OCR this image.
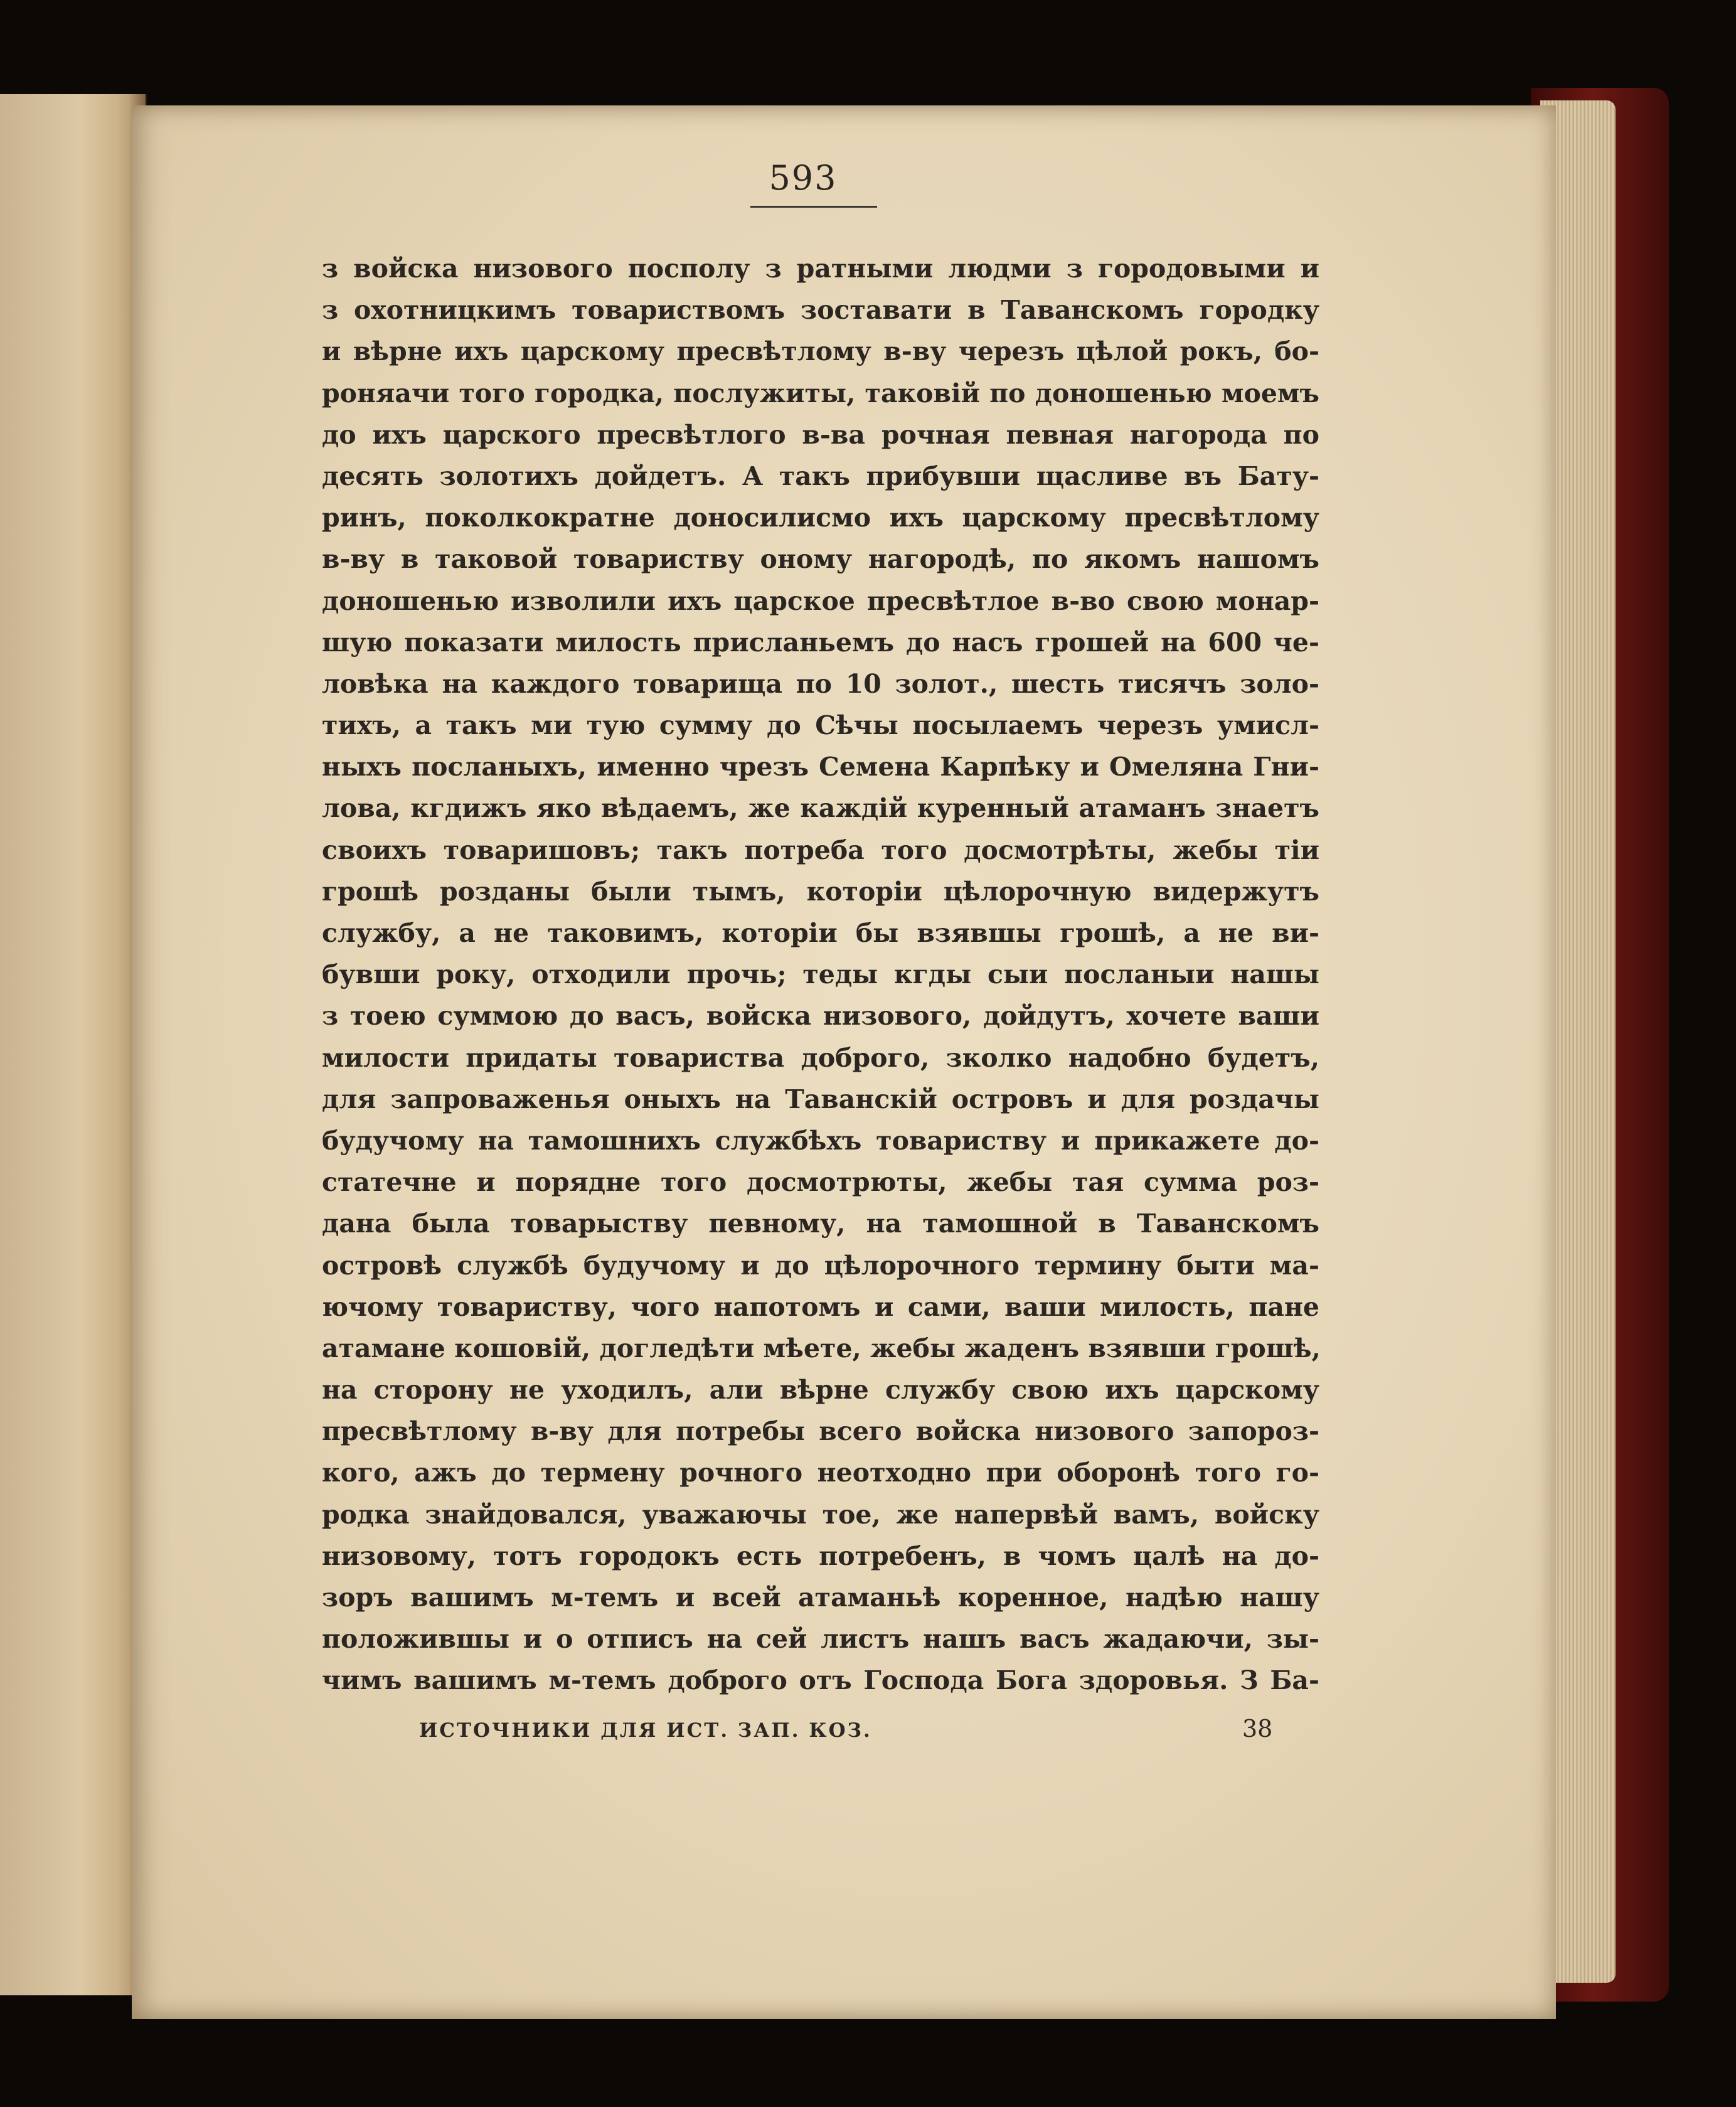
593
з войска низового посполу з ратными людми з городовыми и
з охотницкимъ товариствомъ зоставати в Таванскомъ городку
и вѣрне ихъ царскому пресвѣтлому в-ву черезъ цѣлой рокъ, бо-
роняачи того городка, послужиты, таковій по доношенью моемъ
до ихъ царского пресвѣтлого в-ва рочная певная нагорода по
десять золотихъ дойдетъ. А такъ прибувши щасливе въ Бату-
ринъ, поколкократне доносилисмо ихъ царскому пресвѣтлому
в-ву в таковой товариству оному нагородѣ, по якомъ нашомъ
доношенью изволили ихъ царское пресвѣтлое в-во свою монар-
шую показати милость присланьемъ до насъ грошей на 600 че-
ловѣка на каждого товарища по 10 золот., шесть тисячъ золо-
тихъ, а такъ ми тую сумму до Сѣчы посылаемъ черезъ умисл-
ныхъ посланыхъ, именно чрезъ Семена Карпѣку и Омеляна Гни-
лова, кгдижъ яко вѣдаемъ, же каждій куренный атаманъ знаетъ
своихъ товаришовъ; такъ потреба того досмотрѣты, жебы тіи
грошѣ розданы были тымъ, которіи цѣлорочную видержутъ
службу, а не таковимъ, которіи бы взявшы грошѣ, а не ви-
бувши року, отходили прочь; теды кгды сыи посланыи нашы
з тоею суммою до васъ, войска низового, дойдутъ, хочете ваши
милости придаты товариства доброго, зколко надобно будетъ,
для запроваженья оныхъ на Таванскій островъ и для роздачы
будучому на тамошнихъ службѣхъ товариству и прикажете до-
статечне и порядне того досмотрюты, жебы тая сумма роз-
дана была товарыству певному, на тамошной в Таванскомъ
островѣ службѣ будучому и до цѣлорочного термину быти ма-
ючому товариству, чого напотомъ и сами, ваши милость, пане
атамане кошовій, догледѣти мѣете, жебы жаденъ взявши грошѣ,
на сторону не уходилъ, али вѣрне службу свою ихъ царскому
пресвѣтлому в-ву для потребы всего войска низового запороз-
кого, ажъ до термену рочного неотходно при оборонѣ того го-
родка знайдовался, уважаючы тое, же напервѣй вамъ, войску
низовому, тотъ городокъ есть потребенъ, в чомъ цалѣ на до-
зоръ вашимъ м-темъ и всей атаманьѣ коренное, надѣю нашу
положившы и о отписъ на сей листъ нашъ васъ жадаючи, зы-
чимъ вашимъ м-темъ доброго отъ Господа Бога здоровья. З Ба-
ИСТОЧНИКИ ДЛЯ ИСТ. ЗАП. КОЗ.	38
